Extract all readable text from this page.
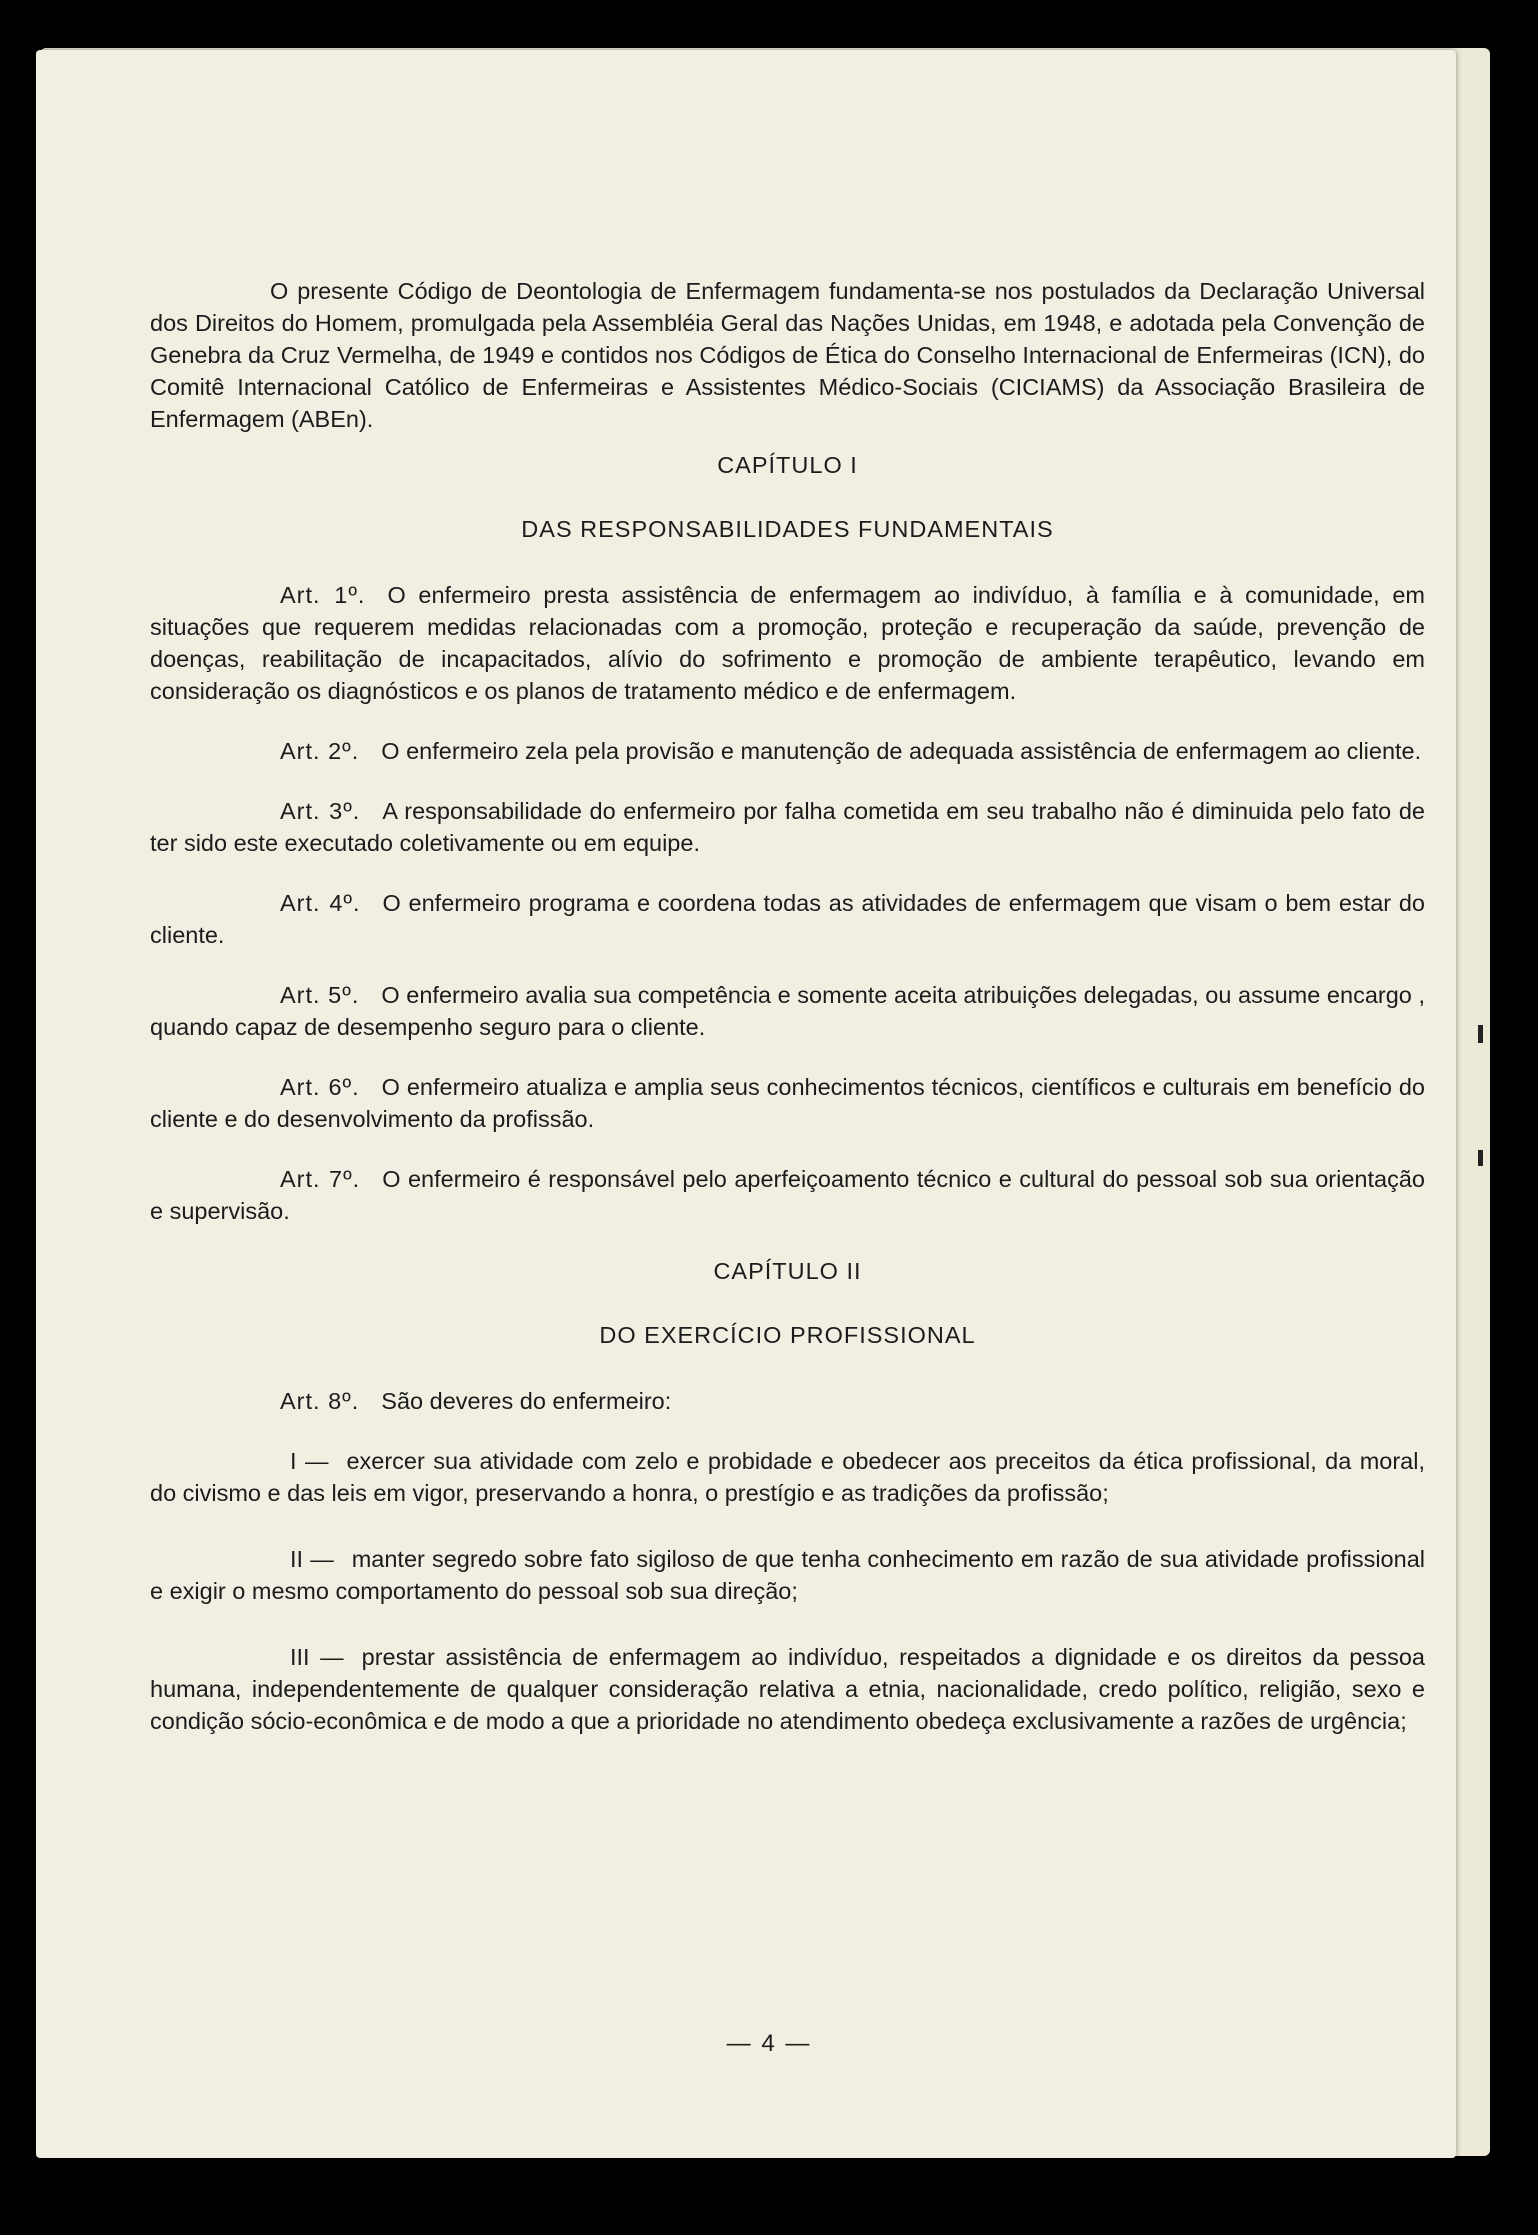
O presente Código de Deontologia de Enfermagem fundamenta-se nos postulados da Declaração Universal dos Direitos do Homem, promulgada pela Assembléia Geral das Nações Unidas, em 1948, e adotada pela Convenção de Genebra da Cruz Vermelha, de 1949 e contidos nos Códigos de Ética do Conselho Internacional de Enfermeiras (ICN), do Comitê Internacional Católico de Enfermeiras e Assistentes Médico-Sociais (CICIAMS) da Associação Brasileira de Enfermagem (ABEn).

CAPÍTULO I
DAS RESPONSABILIDADES FUNDAMENTAIS

Art. 1º. O enfermeiro presta assistência de enfermagem ao indivíduo, à família e à comunidade, em situações que requerem medidas relacionadas com a promoção, proteção e recuperação da saúde, prevenção de doenças, reabilitação de incapacitados, alívio do sofrimento e promoção de ambiente terapêutico, levando em consideração os diagnósticos e os planos de tratamento médico e de enfermagem.

Art. 2º. O enfermeiro zela pela provisão e manutenção de adequada assistência de enfermagem ao cliente.

Art. 3º. A responsabilidade do enfermeiro por falha cometida em seu trabalho não é diminuida pelo fato de ter sido este executado coletivamente ou em equipe.

Art. 4º. O enfermeiro programa e coordena todas as atividades de enfermagem que visam o bem estar do cliente.

Art. 5º. O enfermeiro avalia sua competência e somente aceita atribuições delegadas, ou assume encargo , quando capaz de desempenho seguro para o cliente.

Art. 6º. O enfermeiro atualiza e amplia seus conhecimentos técnicos, científicos e culturais em benefício do cliente e do desenvolvimento da profissão.

Art. 7º. O enfermeiro é responsável pelo aperfeiçoamento técnico e cultural do pessoal sob sua orientação e supervisão.

CAPÍTULO II
DO EXERCÍCIO PROFISSIONAL

Art. 8º. São deveres do enfermeiro:

I — exercer sua atividade com zelo e probidade e obedecer aos preceitos da ética profissional, da moral, do civismo e das leis em vigor, preservando a honra, o prestígio e as tradições da profissão;

II — manter segredo sobre fato sigiloso de que tenha conhecimento em razão de sua atividade profissional e exigir o mesmo comportamento do pessoal sob sua direção;

III — prestar assistência de enfermagem ao indivíduo, respeitados a dignidade e os direitos da pessoa humana, independentemente de qualquer consideração relativa a etnia, nacionalidade, credo político, religião, sexo e condição sócio-econômica e de modo a que a prioridade no atendimento obedeça exclusivamente a razões de urgência;

— 4 —
